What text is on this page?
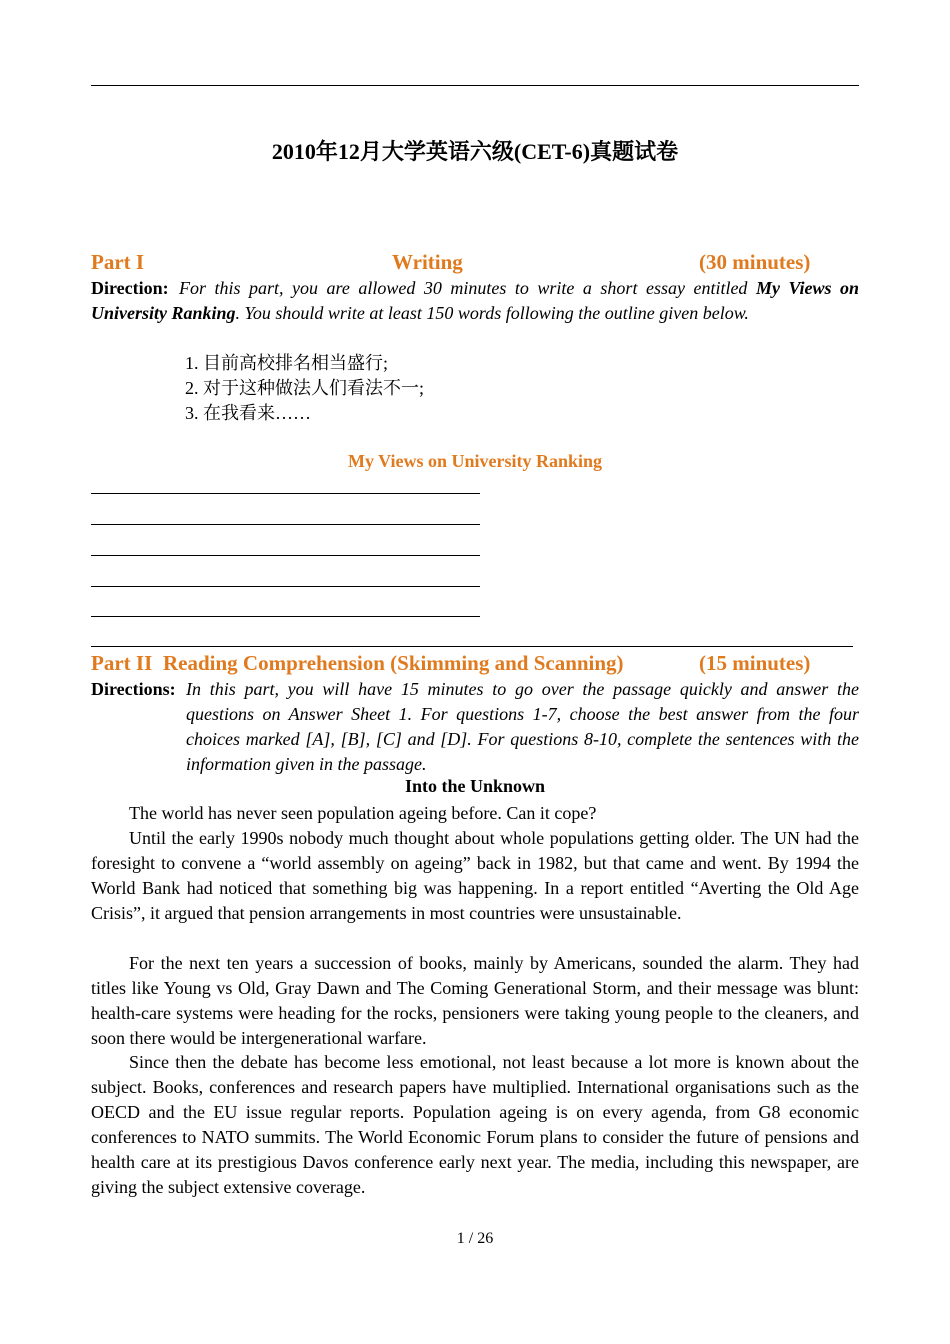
2010年12月大学英语六级(CET-6)真题试卷
Part I	Writing	(30 minutes)
Direction: For this part, you are allowed 30 minutes to write a short essay entitled My Views on University Ranking. You should write at least 150 words following the outline given below.
1. 目前高校排名相当盛行;
2. 对于这种做法人们看法不一;
3. 在我看来……
My Views on University Ranking
Part II Reading Comprehension (Skimming and Scanning)	(15 minutes)
Directions: In this part, you will have 15 minutes to go over the passage quickly and answer the questions on Answer Sheet 1. For questions 1-7, choose the best answer from the four choices marked [A], [B], [C] and [D]. For questions 8-10, complete the sentences with the information given in the passage.
Into the Unknown
The world has never seen population ageing before. Can it cope?
Until the early 1990s nobody much thought about whole populations getting older. The UN had the foresight to convene a “world assembly on ageing” back in 1982, but that came and went. By 1994 the World Bank had noticed that something big was happening. In a report entitled “Averting the Old Age Crisis”, it argued that pension arrangements in most countries were unsustainable.
For the next ten years a succession of books, mainly by Americans, sounded the alarm. They had titles like Young vs Old, Gray Dawn and The Coming Generational Storm, and their message was blunt: health-care systems were heading for the rocks, pensioners were taking young people to the cleaners, and soon there would be intergenerational warfare.
Since then the debate has become less emotional, not least because a lot more is known about the subject. Books, conferences and research papers have multiplied. International organisations such as the OECD and the EU issue regular reports. Population ageing is on every agenda, from G8 economic conferences to NATO summits. The World Economic Forum plans to consider the future of pensions and health care at its prestigious Davos conference early next year. The media, including this newspaper, are giving the subject extensive coverage.
1 / 26
